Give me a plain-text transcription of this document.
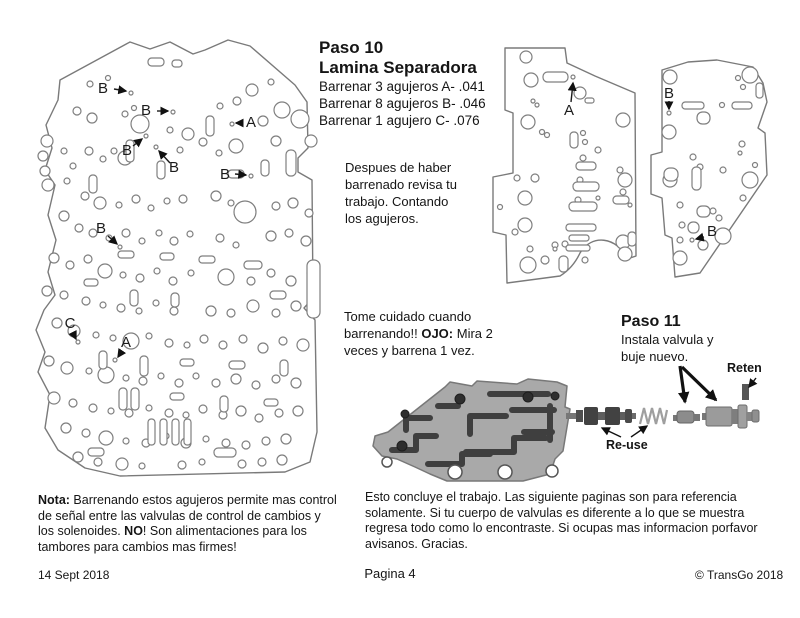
B
B
B
B	B
B
A
C
A
Paso 10
Lamina Separadora
Barrenar 3 agujeros A- .041
Barrenar 8 agujeros B- .046
Barrenar 1 agujero C- .076
A
B
B
Despues de haber
barrenado revisa tu
trabajo. Contando
los agujeros.
Tome cuidado cuando
barrenando!! OJO: Mira 2
veces y barrena 1 vez.
Paso 11
Instala valvula y
buje nuevo.
Reten
Re-use
Nota: Barrenando estos agujeros permite mas control
de señal entre las valvulas de control de cambios y
los solenoides. NO! Son alimentaciones para los
tambores para cambios mas firmes!
Esto concluye el trabajo. Las siguiente paginas son para referencia
solamente. Si tu cuerpo de valvulas es diferente a lo que se muestra
regresa todo como lo encontraste. Si ocupas mas informacion porfavor
avisanos. Gracias.
14 Sept 2018	Pagina 4	© TransGo 2018
